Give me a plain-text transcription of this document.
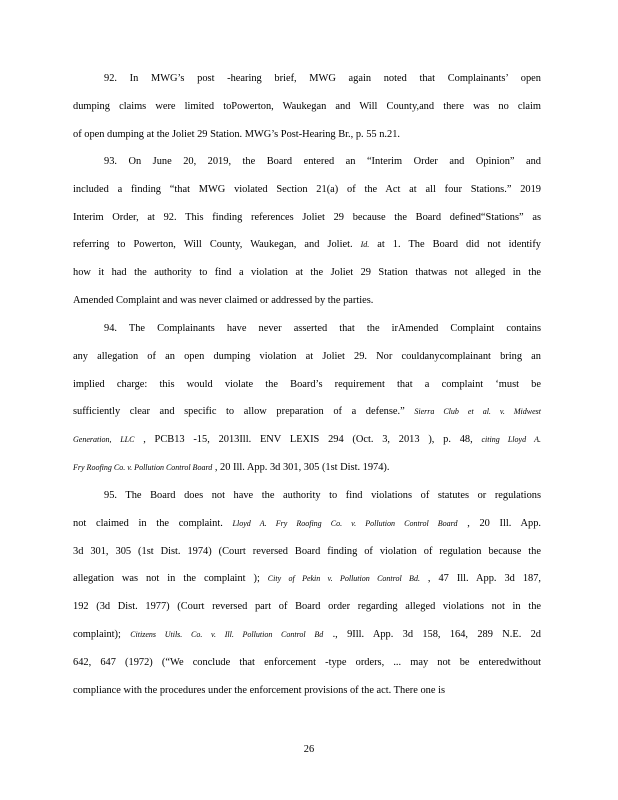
92. In MWG’s post -hearing brief, MWG again noted that Complainants’ open
dumping claims were limited toPowerton, Waukegan and Will County,and there was no claim
of open dumping at the Joliet 29 Station. MWG’s Post-Hearing Br., p. 55 n.21.
93. On June 20, 2019, the Board entered an “Interim Order and Opinion” and
included a finding “that MWG violated Section 21(a) of the Act at all four Stations.” 2019
Interim Order, at 92. This finding references Joliet 29 because the Board defined“Stations” as
referring to Powerton, Will County, Waukegan, and Joliet. Id. at 1. The Board did not identify
how it had the authority to find a violation at the Joliet 29 Station thatwas not alleged in the
Amended Complaint and was never claimed or addressed by the parties.
94. The Complainants have never asserted that the irAmended Complaint contains
any allegation of an open dumping violation at Joliet 29. Nor couldanycomplainant bring an
implied charge: this would violate the Board’s requirement that a complaint ‘must be
sufficiently clear and specific to allow preparation of a defense.” Sierra Club et al. v. Midwest
Generation, LLC , PCB13 -15, 2013Ill. ENV LEXIS 294 (Oct. 3, 2013 ), p. 48, citing Lloyd A.
Fry Roofing Co. v. Pollution Control Board , 20 Ill. App. 3d 301, 305 (1st Dist. 1974).
95. The Board does not have the authority to find violations of statutes or regulations
not claimed in the complaint. Lloyd A. Fry Roofing Co. v. Pollution Control Board , 20 Ill. App.
3d 301, 305 (1st Dist. 1974) (Court reversed Board finding of violation of regulation because the
allegation was not in the complaint ); City of Pekin v. Pollution Control Bd. , 47 Ill. App. 3d 187,
192 (3d Dist. 1977) (Court reversed part of Board order regarding alleged violations not in the
complaint); Citizens Utils. Co. v. Ill. Pollution Control Bd ., 9Ill. App. 3d 158, 164, 289 N.E. 2d
642, 647 (1972) (“We conclude that enforcement -type orders, ... may not be enteredwithout
compliance with the procedures under the enforcement provisions of the act. There one is
26
